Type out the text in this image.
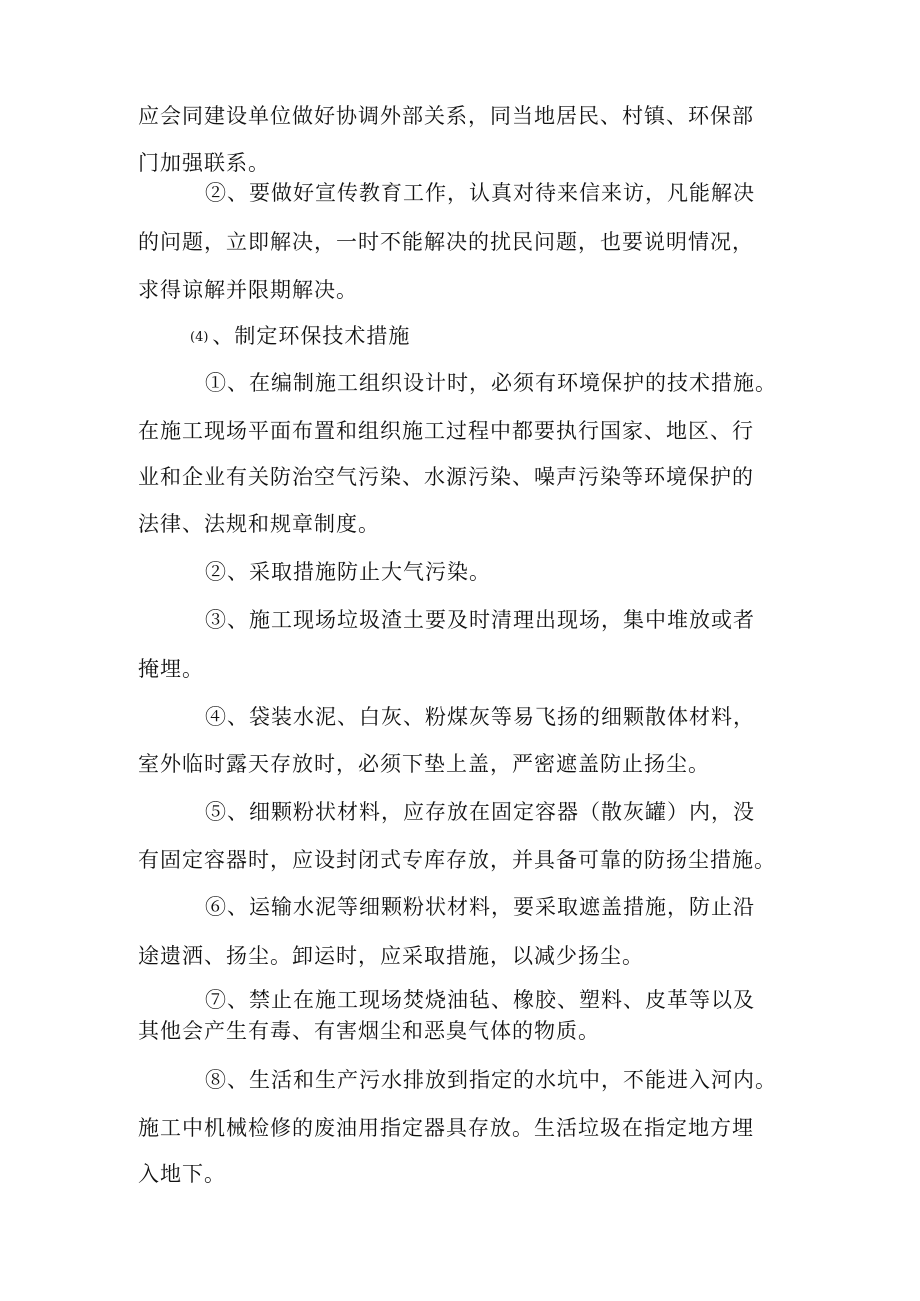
应会同建设单位做好协调外部关系，同当地居民、村镇、环保部
门加强联系。
②、要做好宣传教育工作，认真对待来信来访，凡能解决
的问题，立即解决，一时不能解决的扰民问题，也要说明情况，
求得谅解并限期解决。
(4) 、制定环保技术措施
①、在编制施工组织设计时，必须有环境保护的技术措施。
在施工现场平面布置和组织施工过程中都要执行国家、地区、行
业和企业有关防治空气污染、水源污染、噪声污染等环境保护的
法律、法规和规章制度。
②、采取措施防止大气污染。
③、施工现场垃圾渣土要及时清理出现场，集中堆放或者
掩埋。
④、袋装水泥、白灰、粉煤灰等易飞扬的细颗散体材料，
室外临时露天存放时，必须下垫上盖，严密遮盖防止扬尘。
⑤、细颗粉状材料，应存放在固定容器（散灰罐）内，没
有固定容器时，应设封闭式专库存放，并具备可靠的防扬尘措施。
⑥、运输水泥等细颗粉状材料，要采取遮盖措施，防止沿
途遗洒、扬尘。卸运时，应采取措施，以减少扬尘。
⑦、禁止在施工现场焚烧油毡、橡胶、塑料、皮革等以及
其他会产生有毒、有害烟尘和恶臭气体的物质。
⑧、生活和生产污水排放到指定的水坑中，不能进入河内。
施工中机械检修的废油用指定器具存放。生活垃圾在指定地方埋
入地下。
